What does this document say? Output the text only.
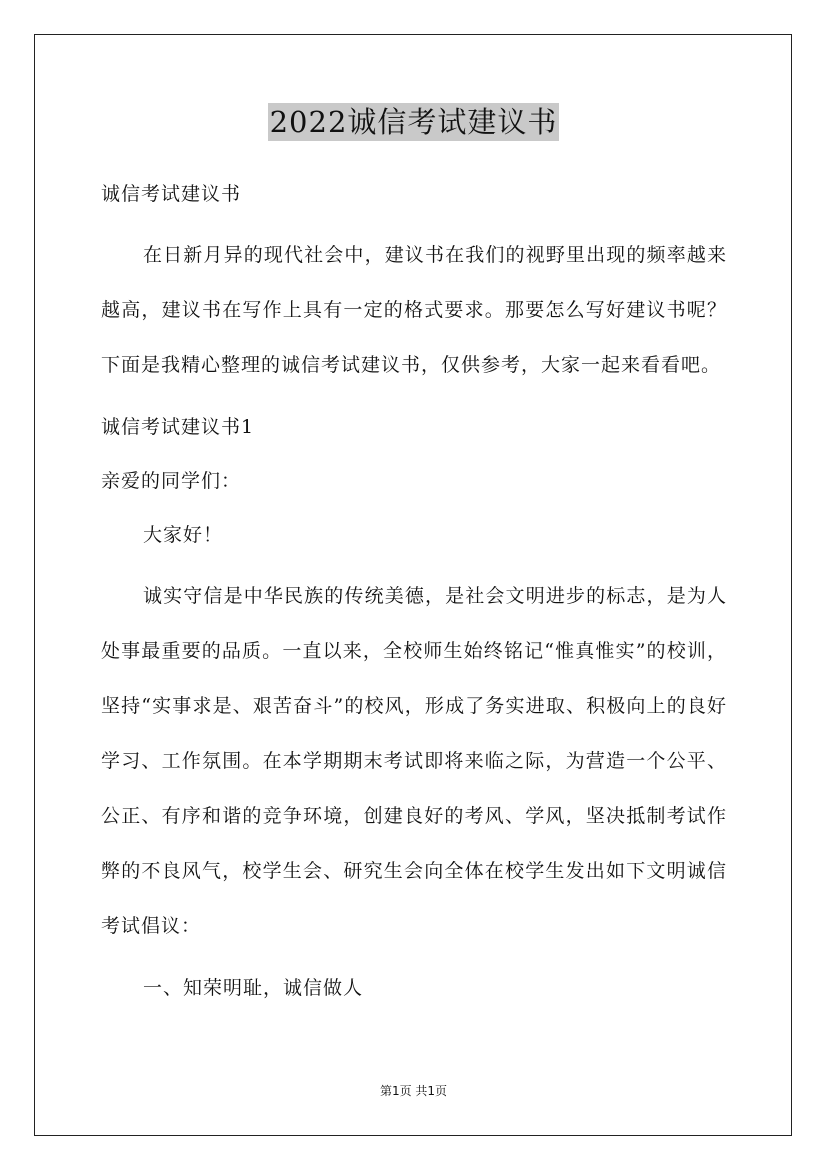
2022诚信考试建议书

诚信考试建议书

在日新月异的现代社会中，建议书在我们的视野里出现的频率越来越高，建议书在写作上具有一定的格式要求。那要怎么写好建议书呢？下面是我精心整理的诚信考试建议书，仅供参考，大家一起来看看吧。

诚信考试建议书1

亲爱的同学们：

大家好！

诚实守信是中华民族的传统美德，是社会文明进步的标志，是为人处事最重要的品质。一直以来，全校师生始终铭记“惟真惟实”的校训，坚持“实事求是、艰苦奋斗”的校风，形成了务实进取、积极向上的良好学习、工作氛围。在本学期期末考试即将来临之际，为营造一个公平、公正、有序和谐的竞争环境，创建良好的考风、学风，坚决抵制考试作弊的不良风气，校学生会、研究生会向全体在校学生发出如下文明诚信考试倡议：

一、知荣明耻，诚信做人

第1页 共1页
